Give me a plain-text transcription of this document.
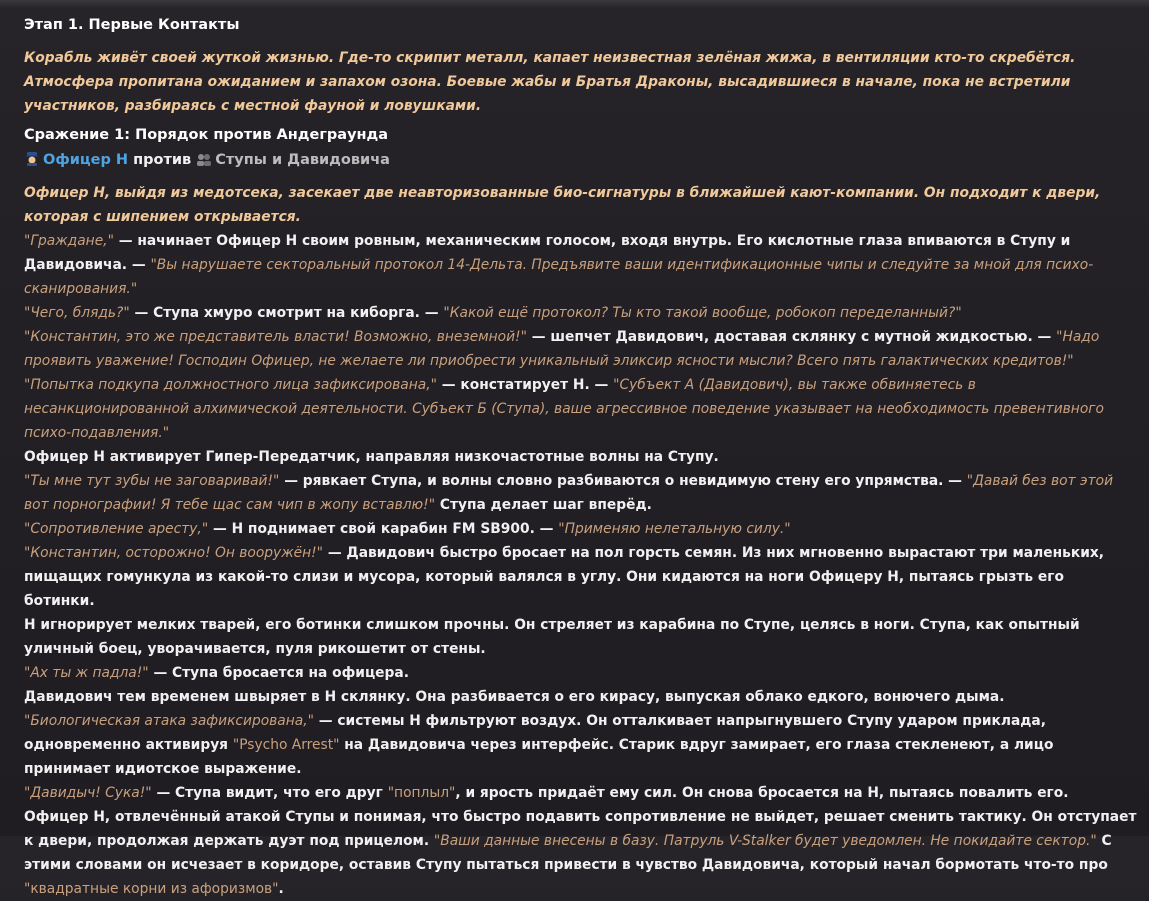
Этап 1. Первые Контакты
Корабль живёт своей жуткой жизнью. Где-то скрипит металл, капает неизвестная зелёная жижа, в вентиляции кто-то скребётся. Атмосфера пропитана ожиданием и запахом озона. Боевые жабы и Братья Драконы, высадившиеся в начале, пока не встретили участников, разбираясь с местной фауной и ловушками.
Сражение 1: Порядок против Андеграунда
Офицер Н против Ступы и Давидовича
Офицер Н, выйдя из медотсека, засекает две неавторизованные био-сигнатуры в ближайшей кают-компании. Он подходит к двери, которая с шипением открывается.
"Граждане," — начинает Офицер Н своим ровным, механическим голосом, входя внутрь. Его кислотные глаза впиваются в Ступу и Давидовича. — "Вы нарушаете секторальный протокол 14-Дельта. Предъявите ваши идентификационные чипы и следуйте за мной для психо-сканирования."
"Чего, блядь?" — Ступа хмуро смотрит на киборга. — "Какой ещё протокол? Ты кто такой вообще, робокоп переделанный?"
"Константин, это же представитель власти! Возможно, внеземной!" — шепчет Давидович, доставая склянку с мутной жидкостью. — "Надо проявить уважение! Господин Офицер, не желаете ли приобрести уникальный эликсир ясности мысли? Всего пять галактических кредитов!"
"Попытка подкупа должностного лица зафиксирована," — констатирует Н. — "Субъект А (Давидович), вы также обвиняетесь в несанкционированной алхимической деятельности. Субъект Б (Ступа), ваше агрессивное поведение указывает на необходимость превентивного психо-подавления."
Офицер Н активирует Гипер-Передатчик, направляя низкочастотные волны на Ступу.
"Ты мне тут зубы не заговаривай!" — рявкает Ступа, и волны словно разбиваются о невидимую стену его упрямства. — "Давай без вот этой вот порнографии! Я тебе щас сам чип в жопу вставлю!" Ступа делает шаг вперёд.
"Сопротивление аресту," — Н поднимает свой карабин FM SB900. — "Применяю нелетальную силу."
"Константин, осторожно! Он вооружён!" — Давидович быстро бросает на пол горсть семян. Из них мгновенно вырастают три маленьких, пищащих гомункула из какой-то слизи и мусора, который валялся в углу. Они кидаются на ноги Офицеру Н, пытаясь грызть его ботинки.
Н игнорирует мелких тварей, его ботинки слишком прочны. Он стреляет из карабина по Ступе, целясь в ноги. Ступа, как опытный уличный боец, уворачивается, пуля рикошетит от стены.
"Ах ты ж падла!" — Ступа бросается на офицера.
Давидович тем временем швыряет в Н склянку. Она разбивается о его кирасу, выпуская облако едкого, вонючего дыма.
"Биологическая атака зафиксирована," — системы Н фильтруют воздух. Он отталкивает напрыгнувшего Ступу ударом приклада, одновременно активируя "Psycho Arrest" на Давидовича через интерфейс. Старик вдруг замирает, его глаза стекленеют, а лицо принимает идиотское выражение.
"Давидыч! Сука!" — Ступа видит, что его друг "поплыл", и ярость придаёт ему сил. Он снова бросается на Н, пытаясь повалить его.
Офицер Н, отвлечённый атакой Ступы и понимая, что быстро подавить сопротивление не выйдет, решает сменить тактику. Он отступает к двери, продолжая держать дуэт под прицелом. "Ваши данные внесены в базу. Патруль V-Stalker будет уведомлен. Не покидайте сектор." С этими словами он исчезает в коридоре, оставив Ступу пытаться привести в чувство Давидовича, который начал бормотать что-то про "квадратные корни из афоризмов".
